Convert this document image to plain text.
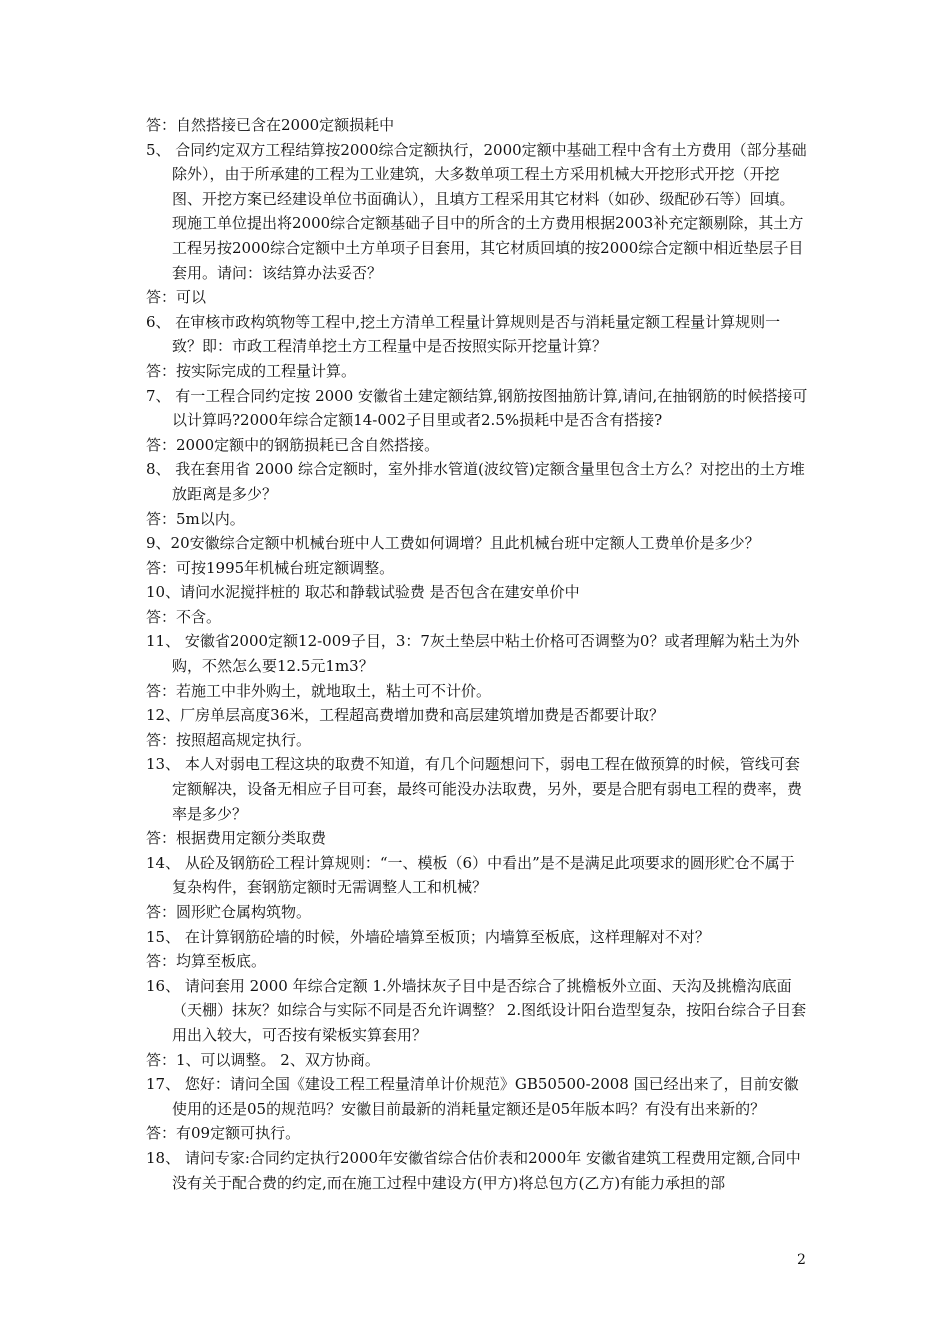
答：自然搭接已含在2000定额损耗中

5、 合同约定双方工程结算按2000综合定额执行，2000定额中基础工程中含有土方费用（部分基础除外），由于所承建的工程为工业建筑，大多数单项工程土方采用机械大开挖形式开挖（开挖图、开挖方案已经建设单位书面确认），且填方工程采用其它材料（如砂、级配砂石等）回填。现施工单位提出将2000综合定额基础子目中的所含的土方费用根据2003补充定额剔除，其土方工程另按2000综合定额中土方单项子目套用，其它材质回填的按2000综合定额中相近垫层子目套用。请问：该结算办法妥否？

答：可以

6、 在审核市政构筑物等工程中,挖土方清单工程量计算规则是否与消耗量定额工程量计算规则一致？即：市政工程清单挖土方工程量中是否按照实际开挖量计算？

答：按实际完成的工程量计算。

7、 有一工程合同约定按 2000 安徽省土建定额结算,钢筋按图抽筋计算,请问,在抽钢筋的时候搭接可以计算吗?2000年综合定额14-002子目里或者2.5%损耗中是否含有搭接?

答：2000定额中的钢筋损耗已含自然搭接。

8、 我在套用省 2000 综合定额时，室外排水管道(波纹管)定额含量里包含土方么？对挖出的土方堆放距离是多少？

答：5m以内。

9、20安徽综合定额中机械台班中人工费如何调增？且此机械台班中定额人工费单价是多少？

答：可按1995年机械台班定额调整。

10、请问水泥搅拌桩的 取芯和静载试验费 是否包含在建安单价中

答：不含。

11、 安徽省2000定额12-009子目，3：7灰土垫层中粘土价格可否调整为0？或者理解为粘土为外购，不然怎么要12.5元1m3？

答：若施工中非外购土，就地取土，粘土可不计价。

12、厂房单层高度36米，工程超高费增加费和高层建筑增加费是否都要计取？

答：按照超高规定执行。

13、 本人对弱电工程这块的取费不知道，有几个问题想问下，弱电工程在做预算的时候，管线可套定额解决，设备无相应子目可套，最终可能没办法取费，另外，要是合肥有弱电工程的费率，费率是多少？

答：根据费用定额分类取费

14、 从砼及钢筋砼工程计算规则：“一、模板（6）中看出”是不是满足此项要求的圆形贮仓不属于复杂构件，套钢筋定额时无需调整人工和机械？

答：圆形贮仓属构筑物。

15、 在计算钢筋砼墙的时候，外墙砼墙算至板顶；内墙算至板底，这样理解对不对？

答：均算至板底。

16、 请问套用 2000 年综合定额 1.外墙抹灰子目中是否综合了挑檐板外立面、天沟及挑檐沟底面（天棚）抹灰？如综合与实际不同是否允许调整？ 2.图纸设计阳台造型复杂，按阳台综合子目套用出入较大，可否按有梁板实算套用？

答：1、可以调整。 2、双方协商。

17、 您好：请问全国《建设工程工程量清单计价规范》GB50500-2008 国已经出来了，目前安徽使用的还是05的规范吗？安徽目前最新的消耗量定额还是05年版本吗？有没有出来新的？

答：有09定额可执行。

18、 请问专家:合同约定执行2000年安徽省综合估价表和2000年 安徽省建筑工程费用定额,合同中没有关于配合费的约定,而在施工过程中建设方(甲方)将总包方(乙方)有能力承担的部

2
